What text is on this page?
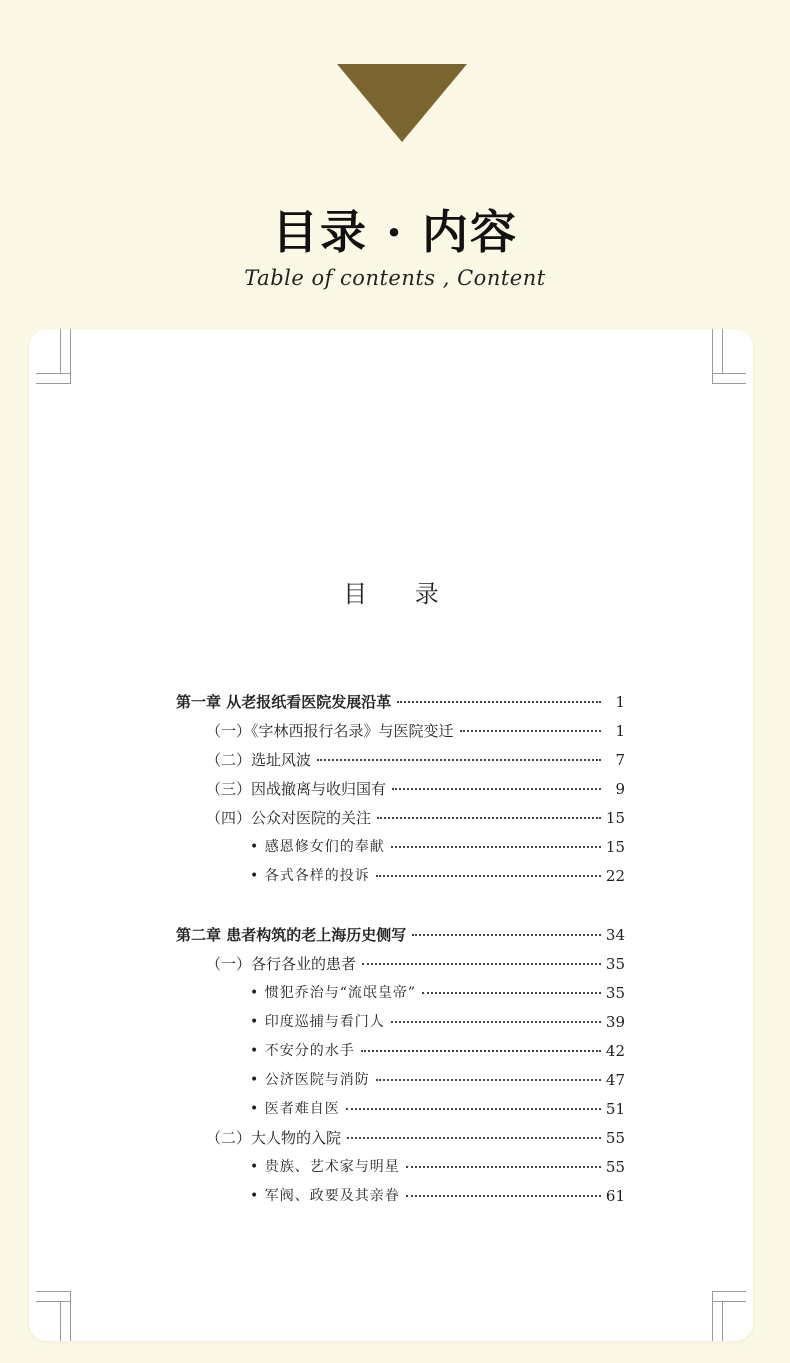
目录 · 内容
Table of contents , Content
目 录
第一章 从老报纸看医院发展沿革	1
（一）《字林西报行名录》与医院变迁	1
（二）选址风波	7
（三）因战撤离与收归国有	9
（四）公众对医院的关注	15
• 感恩修女们的奉献	15
• 各式各样的投诉	22
第二章 患者构筑的老上海历史侧写	34
（一）各行各业的患者	35
• 惯犯乔治与“流氓皇帝”	35
• 印度巡捕与看门人	39
• 不安分的水手	42
• 公济医院与消防	47
• 医者难自医	51
（二）大人物的入院	55
• 贵族、艺术家与明星	55
• 军阀、政要及其亲眷	61
